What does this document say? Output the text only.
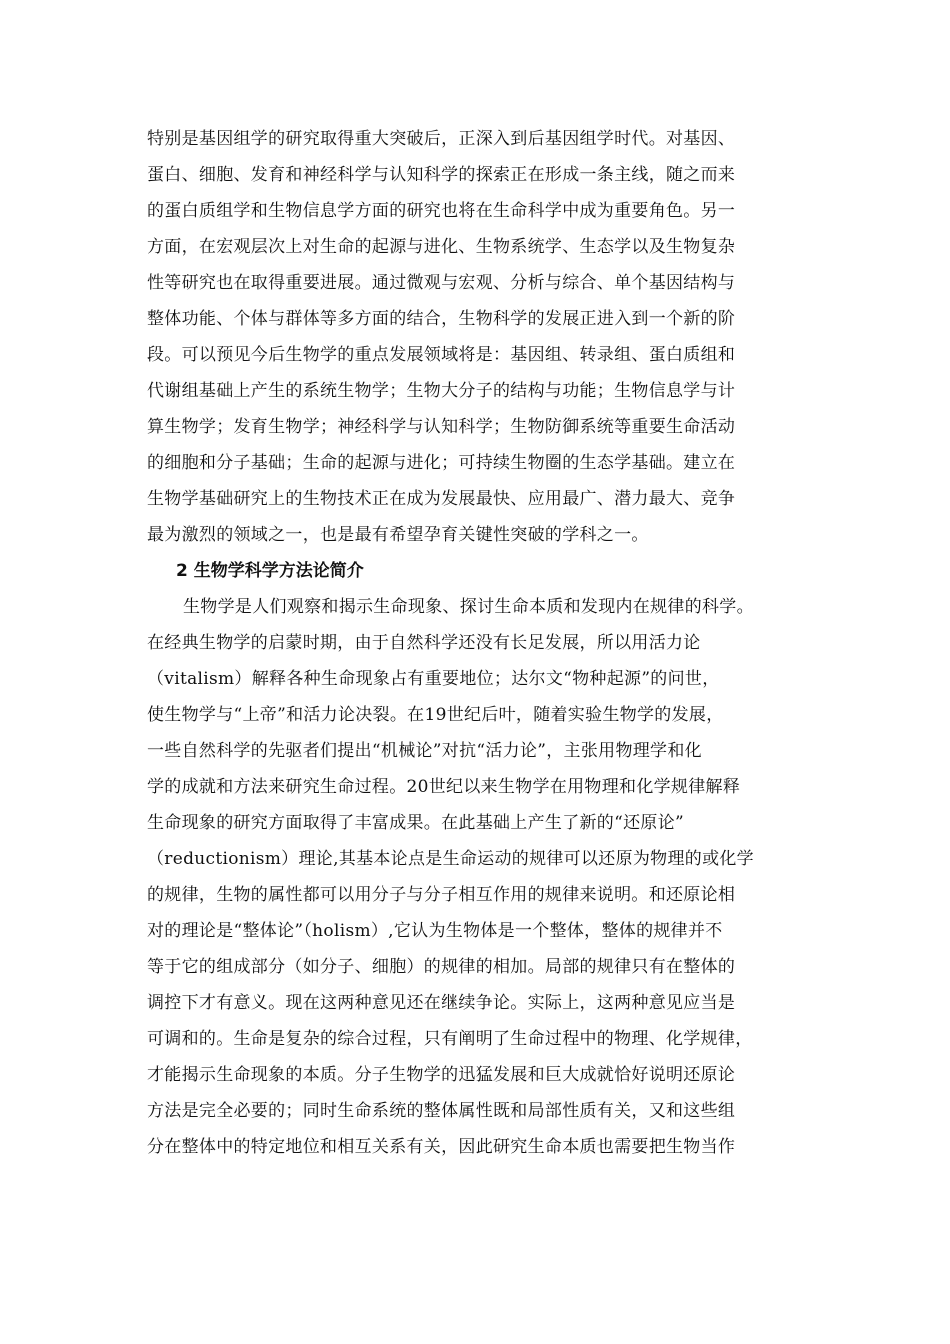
特别是基因组学的研究取得重大突破后，正深入到后基因组学时代。对基因、
蛋白、细胞、发育和神经科学与认知科学的探索正在形成一条主线，随之而来
的蛋白质组学和生物信息学方面的研究也将在生命科学中成为重要角色。另一
方面，在宏观层次上对生命的起源与进化、生物系统学、生态学以及生物复杂
性等研究也在取得重要进展。通过微观与宏观、分析与综合、单个基因结构与
整体功能、个体与群体等多方面的结合，生物科学的发展正进入到一个新的阶
段。可以预见今后生物学的重点发展领域将是：基因组、转录组、蛋白质组和
代谢组基础上产生的系统生物学；生物大分子的结构与功能；生物信息学与计
算生物学；发育生物学；神经科学与认知科学；生物防御系统等重要生命活动
的细胞和分子基础；生命的起源与进化；可持续生物圈的生态学基础。建立在
生物学基础研究上的生物技术正在成为发展最快、应用最广、潜力最大、竞争
最为激烈的领域之一，也是最有希望孕育关键性突破的学科之一。
2 生物学科学方法论简介
生物学是人们观察和揭示生命现象、探讨生命本质和发现内在规律的科学。
在经典生物学的启蒙时期，由于自然科学还没有长足发展，所以用活力论
（vitalism）解释各种生命现象占有重要地位；达尔文“物种起源”的问世，
使生物学与“上帝”和活力论决裂。在19世纪后叶，随着实验生物学的发展，
一些自然科学的先驱者们提出“机械论”对抗“活力论”，主张用物理学和化
学的成就和方法来研究生命过程。20世纪以来生物学在用物理和化学规律解释
生命现象的研究方面取得了丰富成果。在此基础上产生了新的“还原论”
（reductionism）理论,其基本论点是生命运动的规律可以还原为物理的或化学
的规律，生物的属性都可以用分子与分子相互作用的规律来说明。和还原论相
对的理论是“整体论”（holism）,它认为生物体是一个整体，整体的规律并不
等于它的组成部分（如分子、细胞）的规律的相加。局部的规律只有在整体的
调控下才有意义。现在这两种意见还在继续争论。实际上，这两种意见应当是
可调和的。生命是复杂的综合过程，只有阐明了生命过程中的物理、化学规律，
才能揭示生命现象的本质。分子生物学的迅猛发展和巨大成就恰好说明还原论
方法是完全必要的；同时生命系统的整体属性既和局部性质有关，又和这些组
分在整体中的特定地位和相互关系有关，因此研究生命本质也需要把生物当作
